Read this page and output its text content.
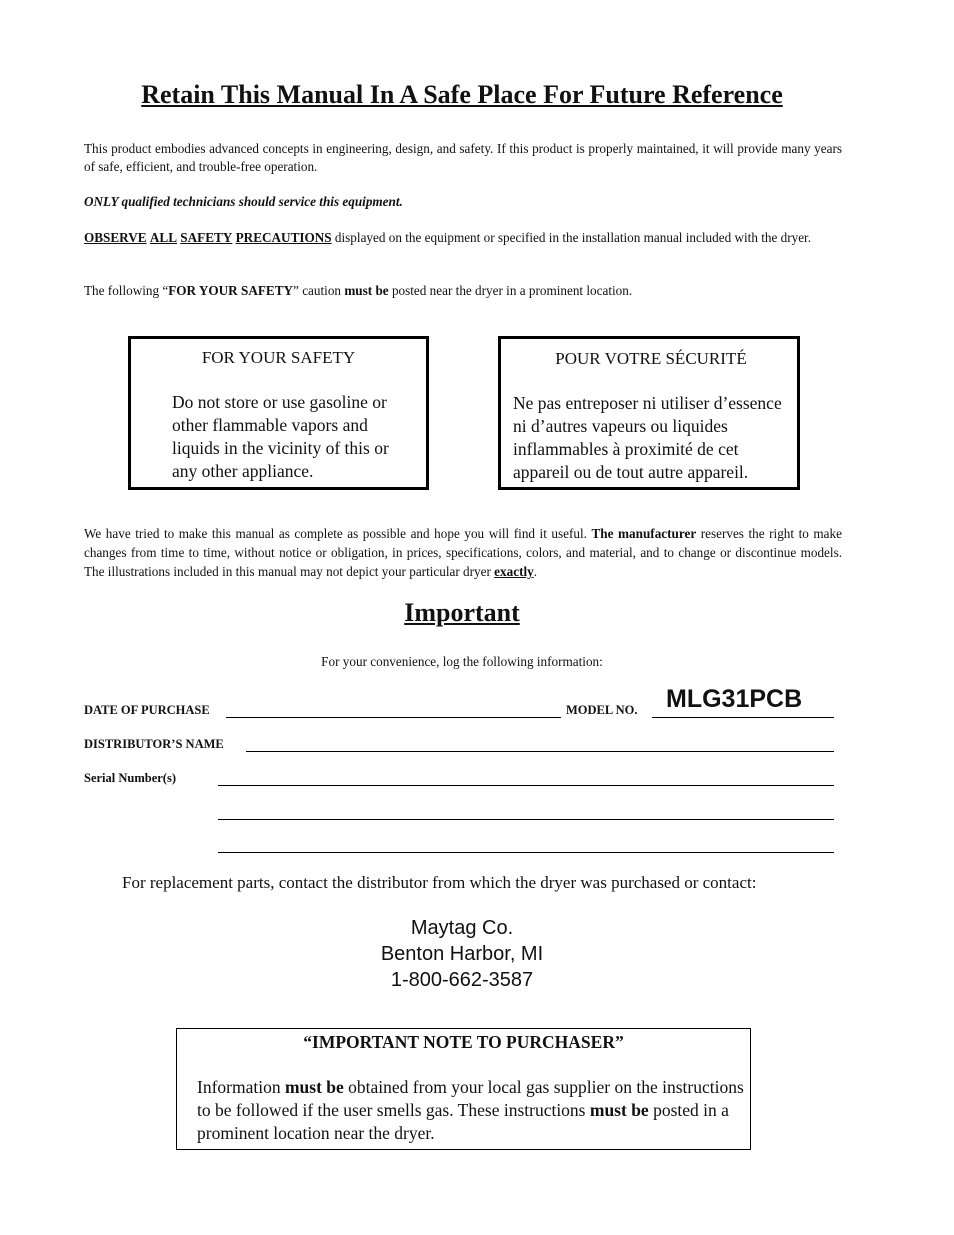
Retain This Manual In A Safe Place For Future Reference
This product embodies advanced concepts in engineering, design, and safety. If this product is properly maintained, it will provide many years of safe, efficient, and trouble-free operation.
ONLY qualified technicians should service this equipment.
OBSERVE ALL SAFETY PRECAUTIONS displayed on the equipment or specified in the installation manual included with the dryer.
The following “FOR YOUR SAFETY” caution must be posted near the dryer in a prominent location.
FOR YOUR SAFETY
Do not store or use gasoline or
other flammable vapors and
liquids in the vicinity of this or
any other appliance.
POUR VOTRE SÉCURITÉ
Ne pas entreposer ni utiliser d’essence
ni d’autres vapeurs ou liquides
inflammables à proximité de cet
appareil ou de tout autre appareil.
We have tried to make this manual as complete as possible and hope you will find it useful. The manufacturer reserves the right to make changes from time to time, without notice or obligation, in prices, specifications, colors, and material, and to change or discontinue models. The illustrations included in this manual may not depict your particular dryer exactly.
Important
For your convenience, log the following information:
DATE OF PURCHASE	MODEL NO. MLG31PCB
DISTRIBUTOR’S NAME
Serial Number(s)
For replacement parts, contact the distributor from which the dryer was purchased or contact:
Maytag Co.
Benton Harbor, MI
1-800-662-3587
“IMPORTANT NOTE TO PURCHASER”
Information must be obtained from your local gas supplier on the instructions
to be followed if the user smells gas. These instructions must be posted in a
prominent location near the dryer.
